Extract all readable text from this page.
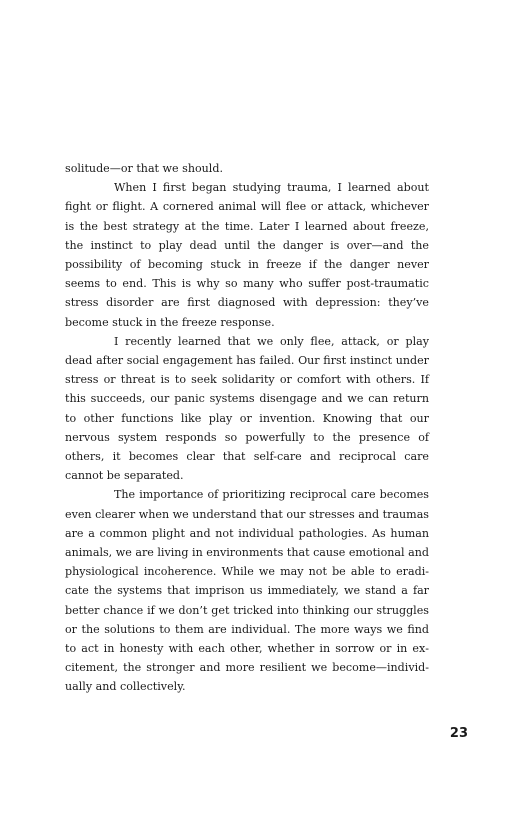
solitude—or that we should.

When I first began studying trauma, I learned about fight or flight. A cornered animal will flee or attack, whichever is the best strategy at the time. Later I learned about freeze, the instinct to play dead until the danger is over—and the possibility of becoming stuck in freeze if the danger never seems to end. This is why so many who suffer post-traumatic stress disorder are first diagnosed with depression: they’ve become stuck in the freeze response.

I recently learned that we only flee, attack, or play dead after social engagement has failed. Our first instinct under stress or threat is to seek solidarity or comfort with others. If this succeeds, our panic systems disengage and we can return to other functions like play or invention. Knowing that our nervous system responds so powerfully to the presence of others, it becomes clear that self-care and reciprocal care cannot be separated.

The importance of prioritizing reciprocal care becomes even clearer when we understand that our stresses and traumas are a common plight and not individual pathologies. As human animals, we are living in environments that cause emotional and physiological incoherence. While we may not be able to eradicate the systems that imprison us immediately, we stand a far better chance if we don’t get tricked into thinking our struggles or the solutions to them are individual. The more ways we find to act in honesty with each other, whether in sorrow or in excitement, the stronger and more resilient we become—individually and collectively.

23
